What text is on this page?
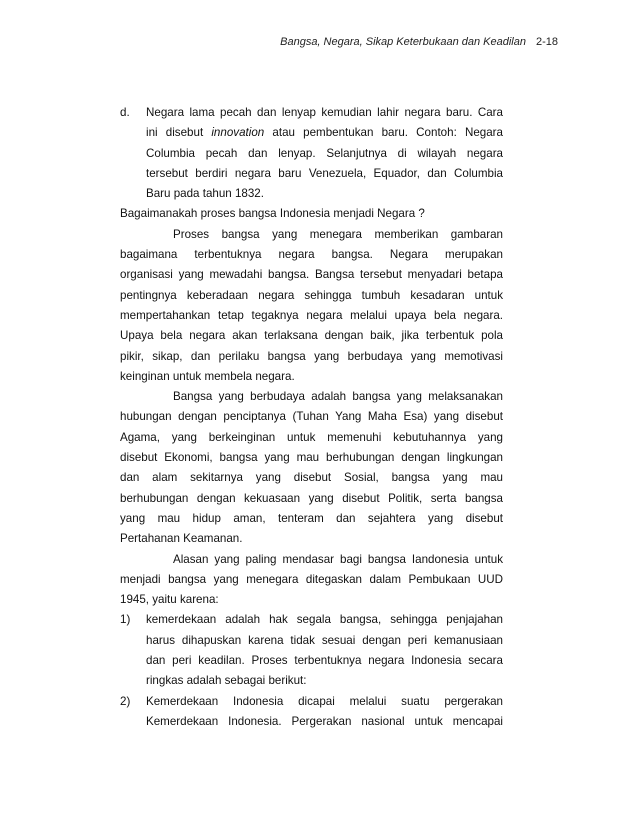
Bangsa, Negara, Sikap Keterbukaan dan Keadilan 2-18
d. Negara lama pecah dan lenyap kemudian lahir negara baru. Cara
ini disebut innovation atau pembentukan baru. Contoh: Negara
Columbia pecah dan lenyap. Selanjutnya di wilayah negara
tersebut berdiri negara baru Venezuela, Equador, dan Columbia
Baru pada tahun 1832.
Bagaimanakah proses bangsa Indonesia menjadi Negara ?
Proses bangsa yang menegara memberikan gambaran
bagaimana terbentuknya negara bangsa. Negara merupakan
organisasi yang mewadahi bangsa. Bangsa tersebut menyadari betapa
pentingnya keberadaan negara sehingga tumbuh kesadaran untuk
mempertahankan tetap tegaknya negara melalui upaya bela negara.
Upaya bela negara akan terlaksana dengan baik, jika terbentuk pola
pikir, sikap, dan perilaku bangsa yang berbudaya yang memotivasi
keinginan untuk membela negara.
Bangsa yang berbudaya adalah bangsa yang melaksanakan
hubungan dengan penciptanya (Tuhan Yang Maha Esa) yang disebut
Agama, yang berkeinginan untuk memenuhi kebutuhannya yang
disebut Ekonomi, bangsa yang mau berhubungan dengan lingkungan
dan alam sekitarnya yang disebut Sosial, bangsa yang mau
berhubungan dengan kekuasaan yang disebut Politik, serta bangsa
yang mau hidup aman, tenteram dan sejahtera yang disebut
Pertahanan Keamanan.
Alasan yang paling mendasar bagi bangsa Iandonesia untuk
menjadi bangsa yang menegara ditegaskan dalam Pembukaan UUD
1945, yaitu karena:
1) kemerdekaan adalah hak segala bangsa, sehingga penjajahan
harus dihapuskan karena tidak sesuai dengan peri kemanusiaan
dan peri keadilan. Proses terbentuknya negara Indonesia secara
ringkas adalah sebagai berikut:
2) Kemerdekaan Indonesia dicapai melalui suatu pergerakan
Kemerdekaan Indonesia. Pergerakan nasional untuk mencapai
